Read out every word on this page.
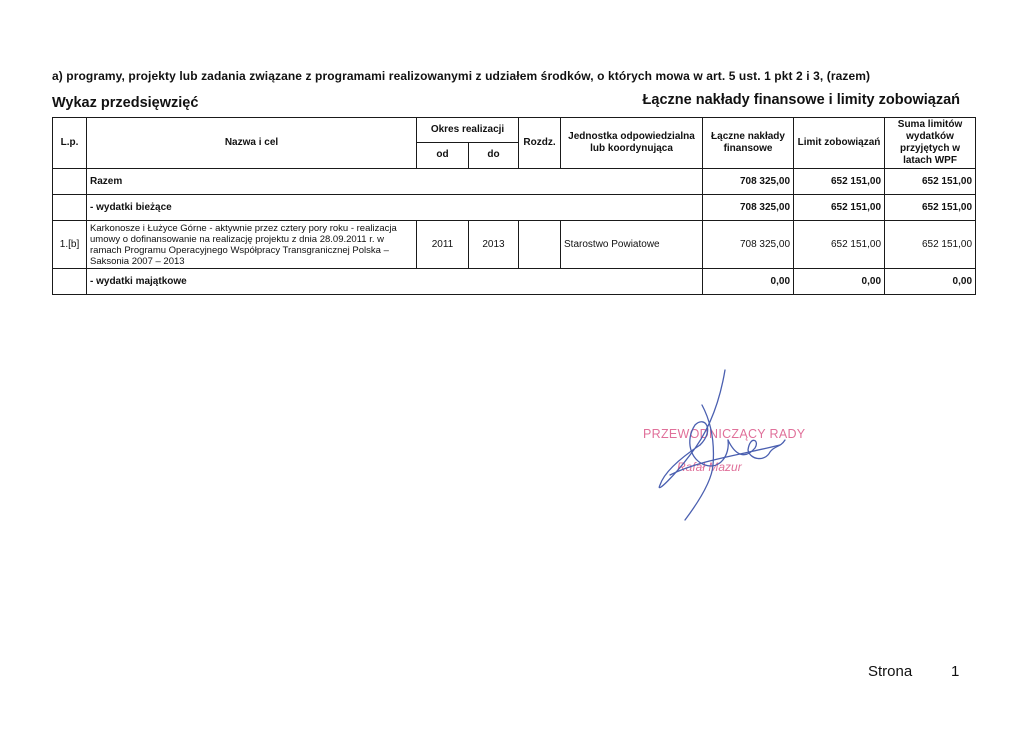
a) programy, projekty lub zadania związane z programami realizowanymi z udziałem środków, o których mowa w art. 5 ust. 1 pkt 2 i 3, (razem)
Wykaz przedsięwzięć	Łączne nakłady finansowe i limity zobowiązań
L.p.	Nazwa i cel	Okres realizacji		Rozdz.	Jednostka odpowiedzialna lub koordynująca	Łączne nakłady finansowe	Limit zobowiązań	Suma limitów wydatków przyjętych w latach WPF
		od	do					
	Razem					708 325,00	652 151,00	652 151,00
	- wydatki bieżące					708 325,00	652 151,00	652 151,00
1.[b]	Karkonosze i Łużyce Górne - aktywnie przez cztery pory roku - realizacja umowy o dofinansowanie na realizację projektu z dnia 28.09.2011 r. w ramach Programu Operacyjnego Współpracy Transgranicznej Polska – Saksonia 2007 – 2013	2011	2013		Starostwo Powiatowe	708 325,00	652 151,00	652 151,00
	- wydatki majątkowe					0,00	0,00	0,00
PRZEWODNICZĄCY RADY
Rafał Mazur
Strona	1
